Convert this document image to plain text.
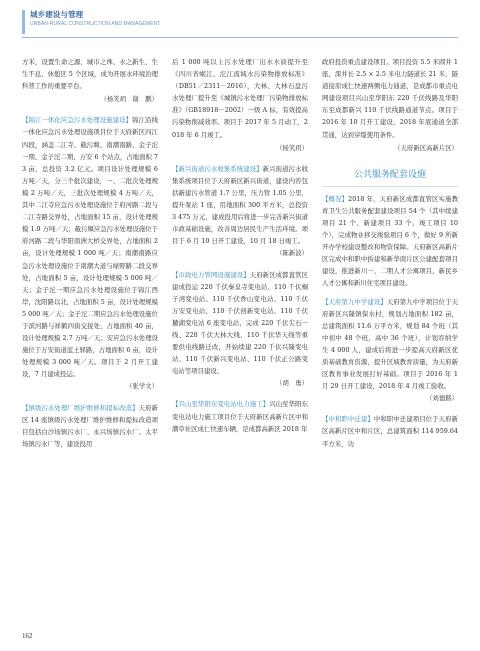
城乡建设与管理
URBAN-RURAL CONSTRUCTION AND MANAGEMENT

方米，设置生命之源、城市之珠、水之新生、生生不息、休憩区 5 个区域，成为开展水环境治理科普工作的重要平台。

（杨笑玥　谢　鹏）

【锦江一体化应急污水处理设施建设】锦江沿线一体化应急污水处理设施项目位于天府新区四江四段，涵盖二江寺、截污堰、南潮南路、金子沱一期、金子沱二期、万安 6 个站点，占地面积 73 亩，总投资 3.2 亿元。项目设计处理规模 6 万吨／天，分三个批次建设，一、二批次处理规模 2 万吨／天，三批次处理规模 4 万吨／天，其中二江寺应急污水处理设施位于府河路二段与二江寺路交界处，占地面积 15 亩，设计处理规模 1.9 万吨／天；截污堰应急污水处理设施位于府河路二段与华阳南洲大桥交界处，占地面积 2 亩，设计处理规模 1 000 吨／天；南潮南路应急污水处理设施位于南潮大道与绿野路二段交界处，占地面积 5 亩，设计处理规模 5 000 吨／天；金子沱一期应急污水处理设施位于锦江西岸，沈阳路以北，占地面积 5 亩，设计处理规模 5 000 吨／天；金子沱二期应急污水处理设施位于滨河路与祥鹤四街交接处，占地面积 40 亩，设计处理规模 2.7 万吨／天；安应急污水处理设施位于万安街道蓝土驿路，占地面积 6 亩，设计处理规模 3 000 吨／天。项目于 2 月开工建设，7 月建成投运。

（张学文）

【镇级污水处理厂维护维修和提标改造】天府新区 14 座镇级污水处理厂维护维修和提标改造项目包括白沙场镇污水厂、永兴场镇污水厂、太平场镇污水厂等，建设投用

后 1 000 吨以上污水处理厂出水水质提升至《四川省岷江、沱江流域水污染物排放标准》（DB51／2311－2016），大林、大林石盘污水处理厂提升至《城镇污水处理厂污染物排放标准》（GB18918－2002）一级 A 标，有效提高污染物削减效率。项目于 2017 年 5 月动工，2018 年 6 月竣工。

（杨笑玥）

【新兴街道污水收集系统建设】新兴街道污水收集系统项目位于天府新区新兴街道，建设内容包括新建污水管道 1.7 公里，压力管 1.05 公里，提升泵站 1 座，用地面积 300 平方米，总投资 3 475 万元，建成投用后将进一步完善新兴街道市政基础设施，改善周边居民生产生活环境。项目于 6 月 10 日开工建设，10 月 18 日竣工。

（陈新波）

【市政电力管网设施建设】天府新区成都直管区建成投运 220 千伏秦皇寺变电站、110 千伏桐子湾变电站、110 千伏香山变电站、110 千伏万安变电站、110 千伏创新变电站、110 千伏麓湖变电站 6 座变电站，完成 220 千伏尖石一线、220 千伏大林大线、110 千伏华天线等重要供电线路迁改，开始续建 220 千伏兴隆变电站、110 千伏新兴变电站、110 千伏正公路变电站等项目建设。

（胡　勇）

【兴山至华阳东变电站电力施工】兴山至华阳东变电站电力施工项目位于天府新区高新片区中和潮草社区成仁快速车辆，是成都高新区 2018 年

政府投资重点建设项目。项目投资 5.5 米圆井 1 座，深井长 2.5 × 2.5 米电力隧道长 21 米，隧道接原成仁快速两侧电力通道，是成都市重点电网建设项目兴山至华阳东 220 千伏线路及华阳东至成都新兴 110 千伏线路通道节点。项目于 2016 年 10 月开工建设，2018 年底通道全部贯通，达到穿缆使用条件。

（天府新区高新片区）

公共服务配套设施

【概况】2018 年，天府新区成都直管区实施教育卫生公共服务配套建设项目 54 个（其中续建项目 21 个、新建项目 33 个，竣工项目 10 个），完成物业移交竣验项目 6 个，做好 9 所新开办学校建设整改和物资保障。天府新区高新片区完成中和职中拆建和新华南片区公建配套项目建设，推进新川一、二期人才公寓项目、新民乡人才公寓和新川住宅项目建设。

【天府第九中学建设】天府第九中学项目位于天府新区兴隆镇保水村，规划占地面积 182 亩，总建筑面积 11.6 万平方米，规划 84 个班（其中初中 48 个班，高中 36 个班），计划容纳学生 4 000 人，建成后将进一步提高天府新区优质基础教育资源，提升区域教育质量，为天府新区教育事业发展打好基础。项目于 2016 年 1 月 29 日开工建设，2018 年 4 月竣工验收。

（刘德銘）

【中和职中迁建】中和职中迁建项目位于天府新区高新片区中和片区，总建筑面积 114 959.64 平方米，功

162
